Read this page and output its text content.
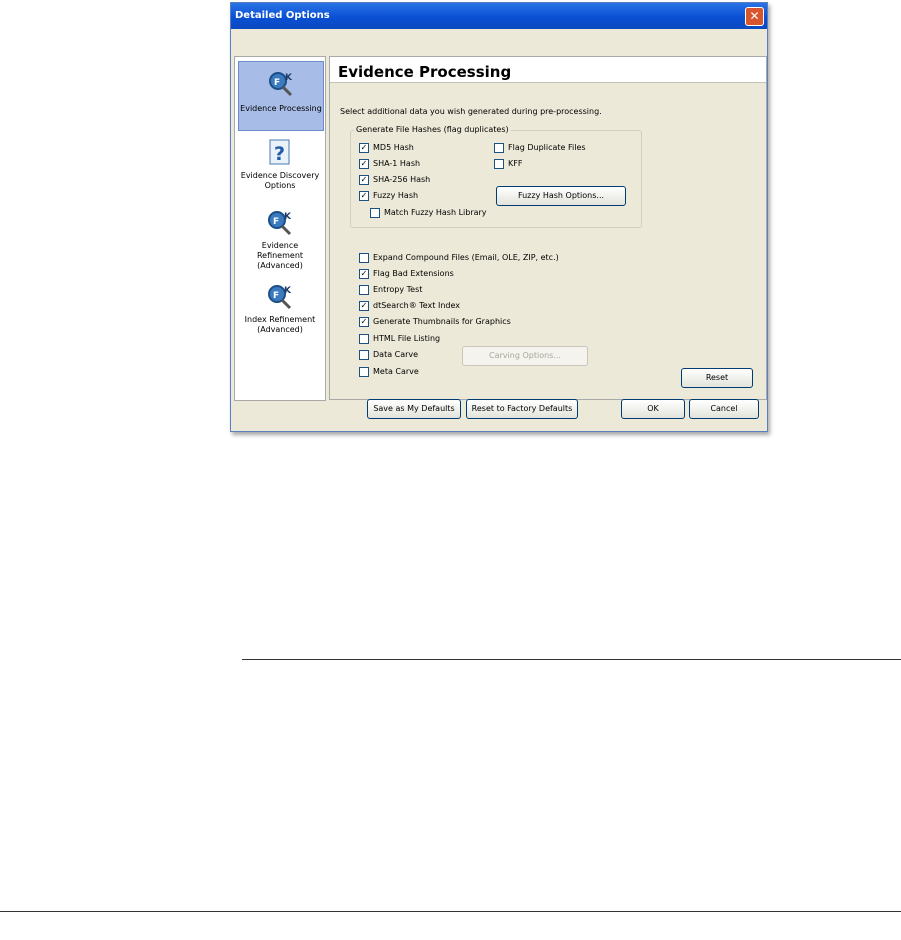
Detailed Options	✕
F K
Evidence Processing
?
Evidence Discovery Options
F K
Evidence Refinement (Advanced)
F K
Index Refinement (Advanced)
Evidence Processing
Select additional data you wish generated during pre-processing.
Generate File Hashes (flag duplicates)
✓ MD5 Hash
✓ SHA-1 Hash
✓ SHA-256 Hash
✓ Fuzzy Hash
Match Fuzzy Hash Library
Flag Duplicate Files
KFF
Fuzzy Hash Options...
Expand Compound Files (Email, OLE, ZIP, etc.)
✓ Flag Bad Extensions
Entropy Test
✓ dtSearch® Text Index
✓ Generate Thumbnails for Graphics
HTML File Listing
Data Carve
Meta Carve
Carving Options...
Reset
Save as My Defaults	Reset to Factory Defaults	OK	Cancel
